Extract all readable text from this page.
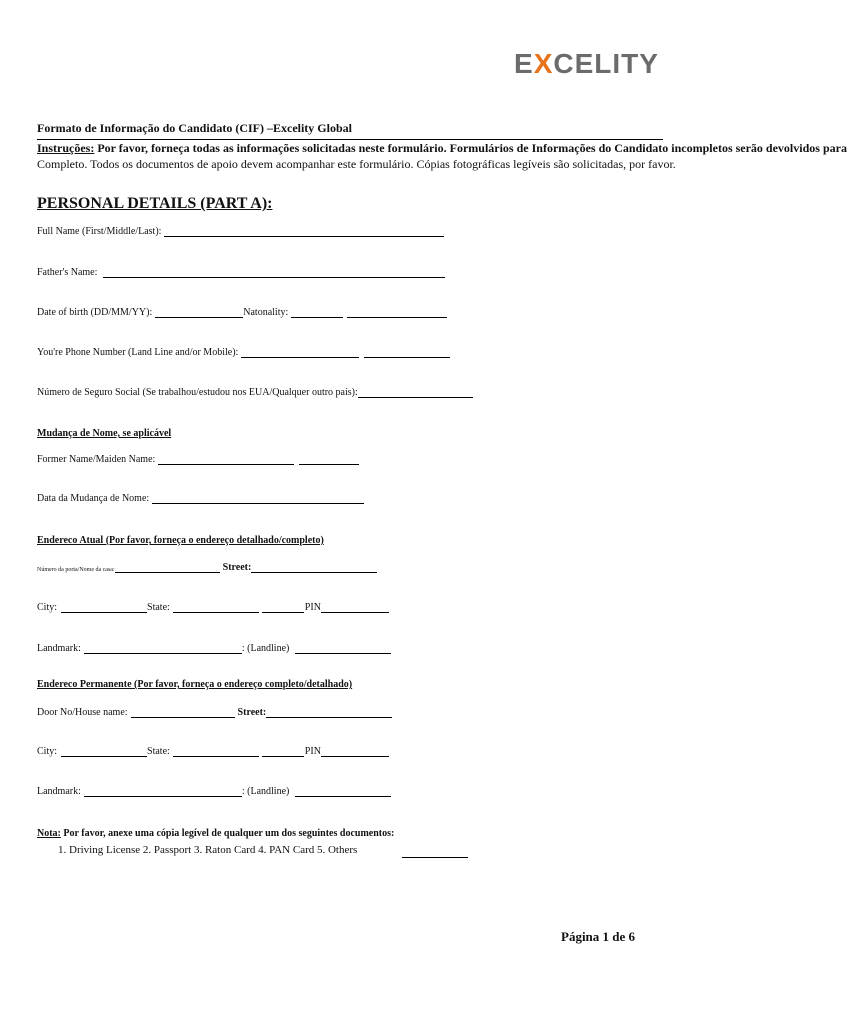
EXCELITY
Formato de Informação do Candidato (CIF) –Excelity Global
Instruções: Por favor, forneça todas as informações solicitadas neste formulário. Formulários de Informações do Candidato incompletos serão devolvidos para
Completo. Todos os documentos de apoio devem acompanhar este formulário. Cópias fotográficas legíveis são solicitadas, por favor.
PERSONAL DETAILS (PART A):
Full Name (First/Middle/Last):
Father's Name:
Date of birth (DD/MM/YY):	Natonality:
You're Phone Number (Land Line and/or Mobile):
Número de Seguro Social (Se trabalhou/estudou nos EUA/Qualquer outro país):
Mudança de Nome, se aplicável
Former Name/Maiden Name:
Data da Mudança de Nome:
Endereco Atual (Por favor, forneça o endereço detalhado/completo)
Número da porta/Nome da casa:	Street:
City:	State:	PIN
Landmark:	: (Landline)
Endereco Permanente (Por favor, forneça o endereço completo/detalhado)
Door No/House name:	Street:
City:	State:	PIN
Landmark:	: (Landline)
Nota: Por favor, anexe uma cópia legível de qualquer um dos seguintes documentos:
1. Driving License 2. Passport 3. Raton Card 4. PAN Card 5. Others
Página 1 de 6
